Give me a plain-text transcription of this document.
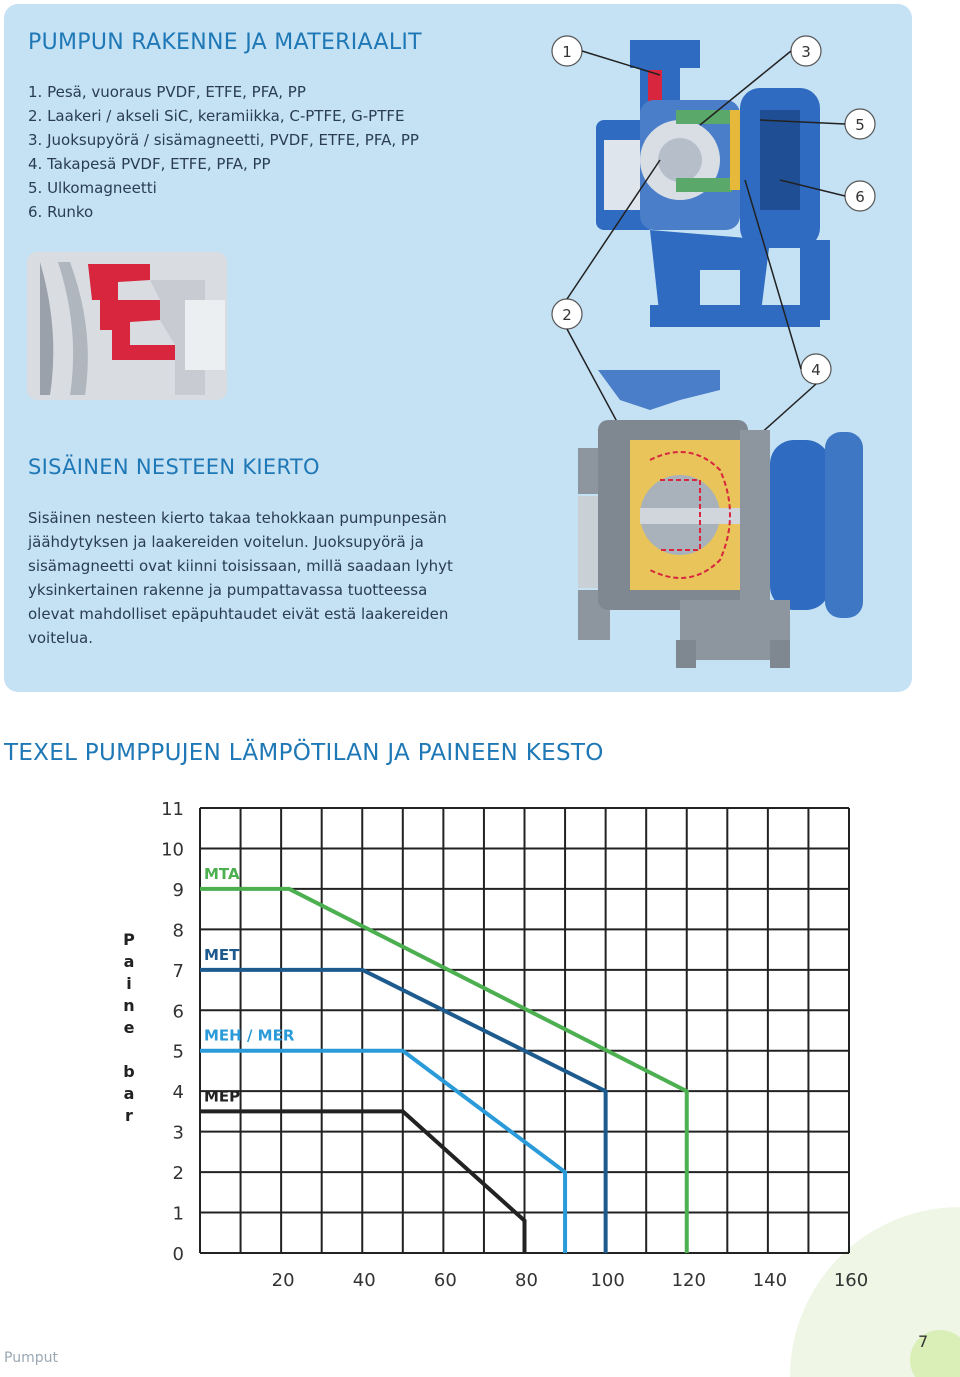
PUMPUN RAKENNE JA MATERIAALIT
1. Pesä, vuoraus PVDF, ETFE, PFA, PP
2. Laakeri / akseli SiC, keramiikka, C-PTFE, G-PTFE
3. Juoksupyörä / sisämagneetti, PVDF, ETFE, PFA, PP
4. Takapesä PVDF, ETFE, PFA, PP
5. Ulkomagneetti
6. Runko
SISÄINEN NESTEEN KIERTO

Sisäinen nesteen kierto takaa tehokkaan pumpunpesän jäähdytyksen ja laakereiden voitelun. Juoksupyörä ja sisämagneetti ovat kiinni toisissaan, millä saadaan lyhyt yksinkertainen rakenne ja pumpattavassa tuotteessa olevat mahdolliset epäpuhtaudet eivät estä laakereiden voitelua.

TEXEL PUMPPUJEN LÄMPÖTILAN JA PAINEEN KESTO
1	3
5
6
2
4
0
1
2
3
4
5
6
7
8
9
10
11
20	40	60	80	100	120	140	160
P
a
i
n
e
b
a
r
MTA
MET
MEH / MER
MEP
Pumput
7
